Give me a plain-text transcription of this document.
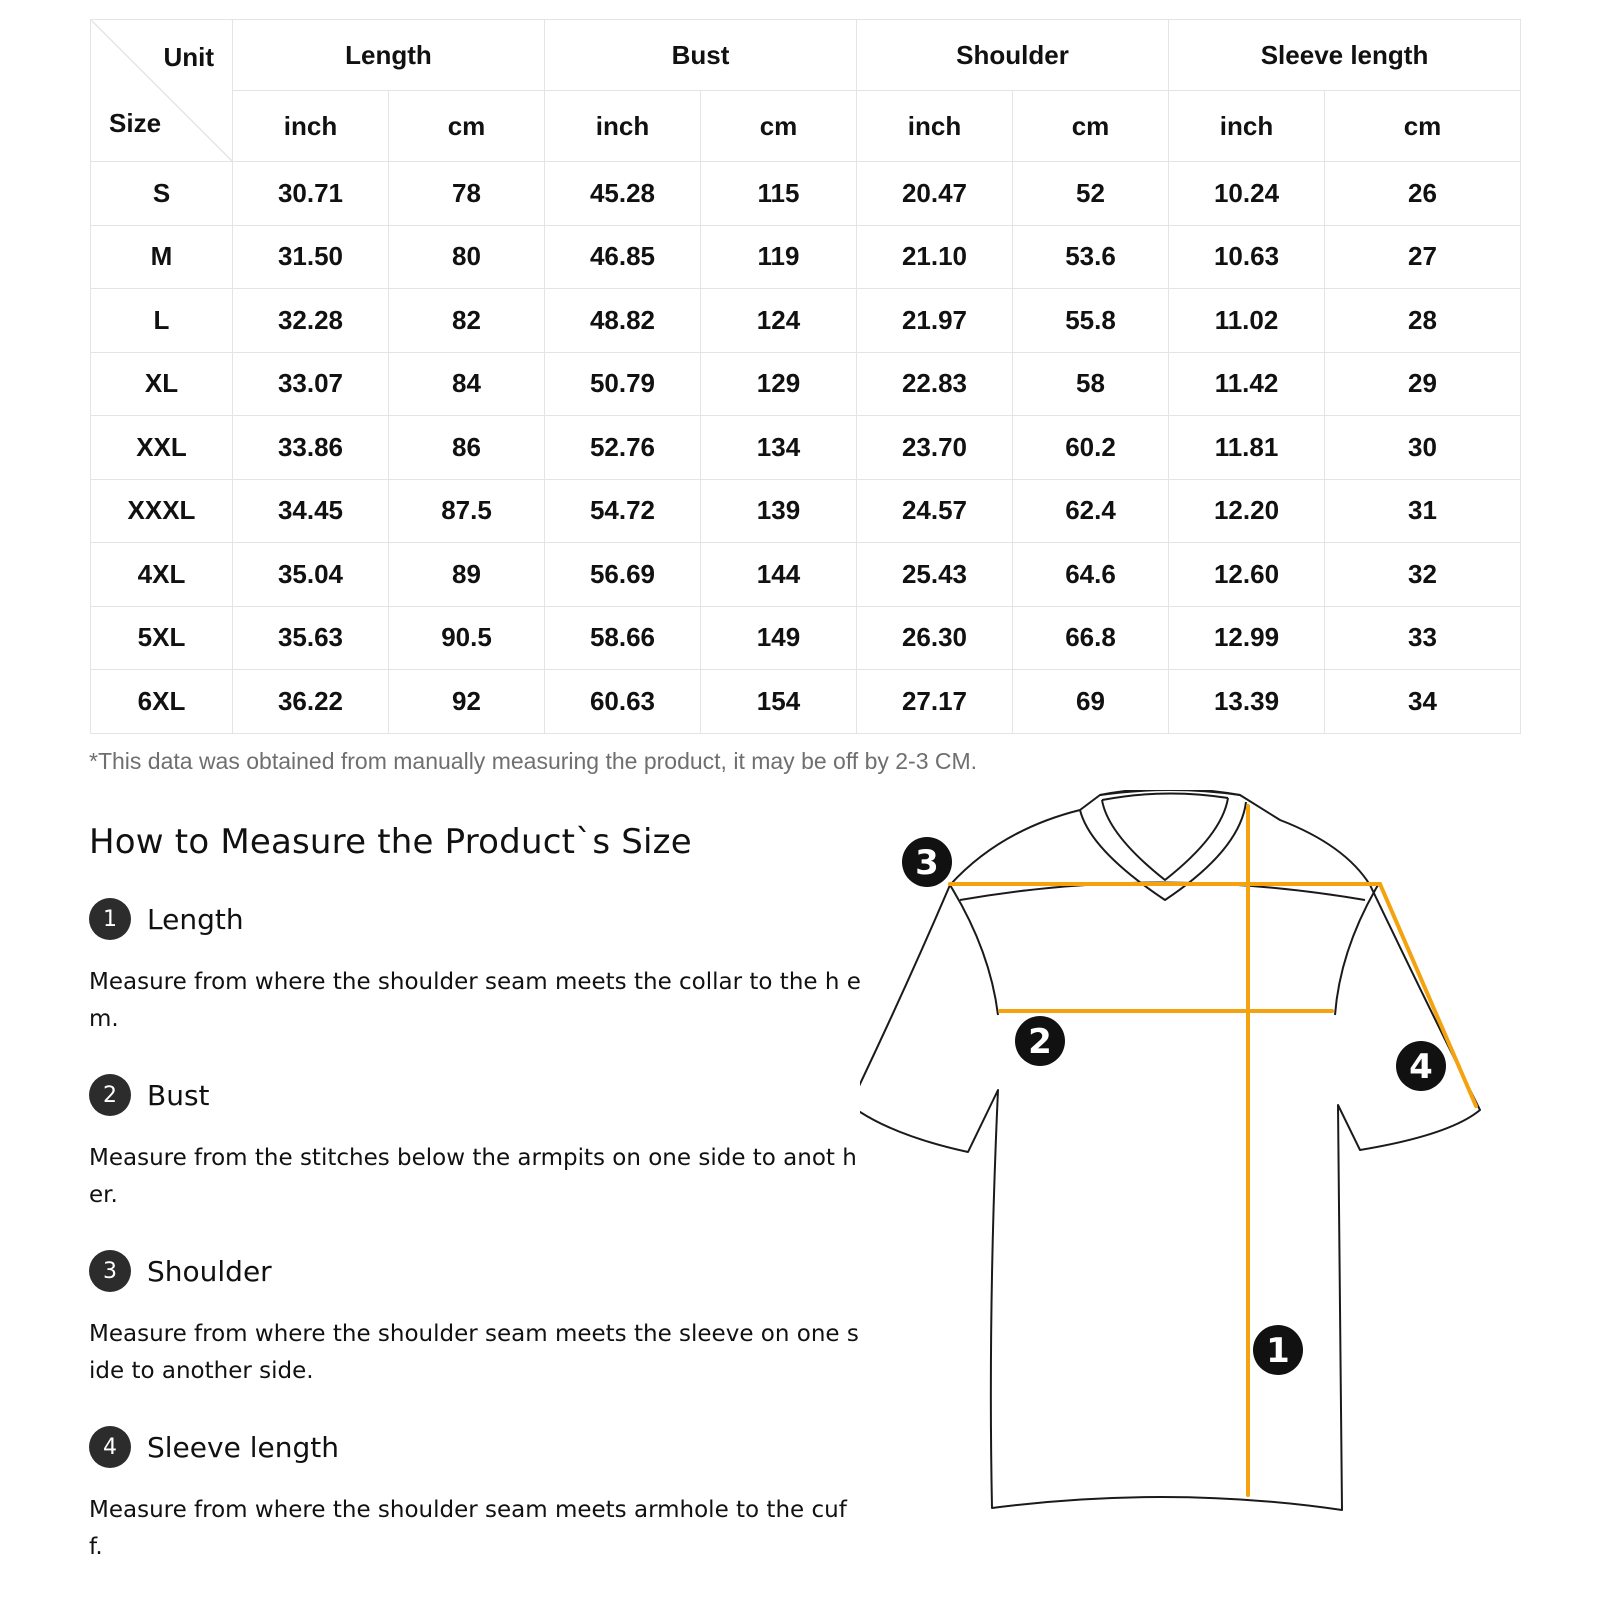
Unit
Size	Length		Bust		Shoulder		Sleeve length	
	inch	cm	inch	cm	inch	cm	inch	cm
S	30.71	78	45.28	115	20.47	52	10.24	26
M	31.50	80	46.85	119	21.10	53.6	10.63	27
L	32.28	82	48.82	124	21.97	55.8	11.02	28
XL	33.07	84	50.79	129	22.83	58	11.42	29
XXL	33.86	86	52.76	134	23.70	60.2	11.81	30
XXXL	34.45	87.5	54.72	139	24.57	62.4	12.20	31
4XL	35.04	89	56.69	144	25.43	64.6	12.60	32
5XL	35.63	90.5	58.66	149	26.30	66.8	12.99	33
6XL	36.22	92	60.63	154	27.17	69	13.39	34
*This data was obtained from manually measuring the product, it may be off by 2-3 CM.
How to Measure the Product`s Size
1	Length
Measure from where the shoulder seam meets the collar to the h em.
2	Bust
Measure from the stitches below the armpits on one side to anot her.
3	Shoulder
Measure from where the shoulder seam meets the sleeve on one side to another side.
4	Sleeve length
Measure from where the shoulder seam meets armhole to the cuf f.
3
2
4
1
